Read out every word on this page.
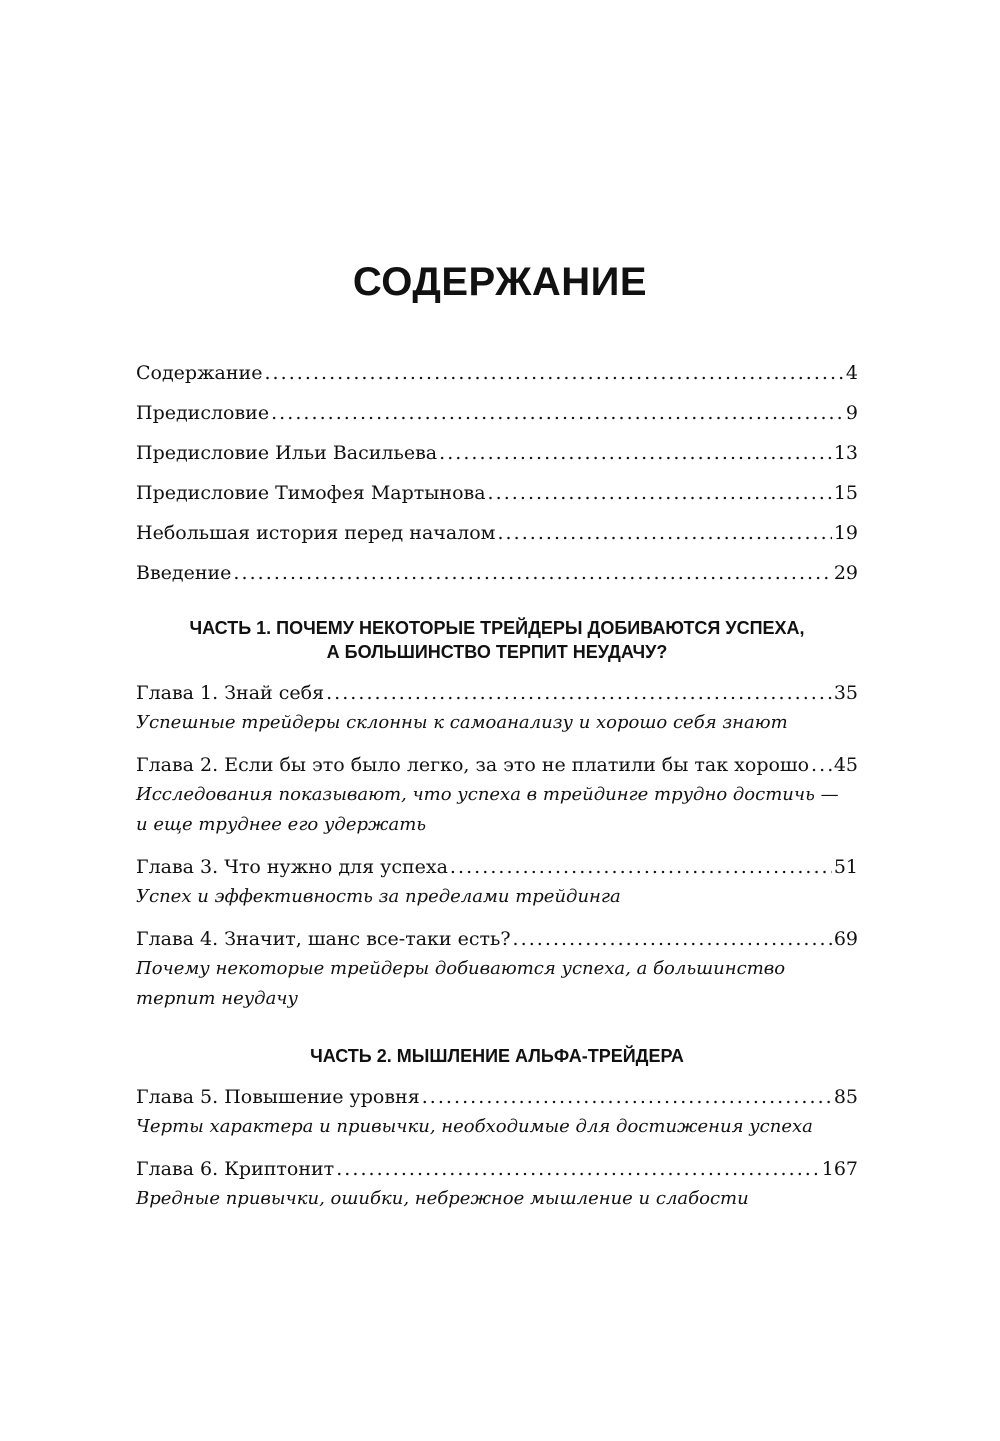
СОДЕРЖАНИЕ
Содержание . . .	4
Предисловие . . .	9
Предисловие Ильи Васильева . . .	13
Предисловие Тимофея Мартынова . . .	15
Небольшая история перед началом . . .	19
Введение . . .	29
ЧАСТЬ 1. ПОЧЕМУ НЕКОТОРЫЕ ТРЕЙДЕРЫ ДОБИВАЮТСЯ УСПЕХА,
А БОЛЬШИНСТВО ТЕРПИТ НЕУДАЧУ?
Глава 1. Знай себя . . .	35
Успешные трейдеры склонны к самоанализу и хорошо себя знают
Глава 2. Если бы это было легко, за это не платили бы так хорошо . . . 45
Исследования показывают, что успеха в трейдинге трудно достичь —
и еще труднее его удержать
Глава 3. Что нужно для успеха . . .	51
Успех и эффективность за пределами трейдинга
Глава 4. Значит, шанс все-таки есть? . . .	69
Почему некоторые трейдеры добиваются успеха, а большинство
терпит неудачу
ЧАСТЬ 2. МЫШЛЕНИЕ АЛЬФА-ТРЕЙДЕРА
Глава 5. Повышение уровня . . .	85
Черты характера и привычки, необходимые для достижения успеха
Глава 6. Криптонит . . .	167
Вредные привычки, ошибки, небрежное мышление и слабости
